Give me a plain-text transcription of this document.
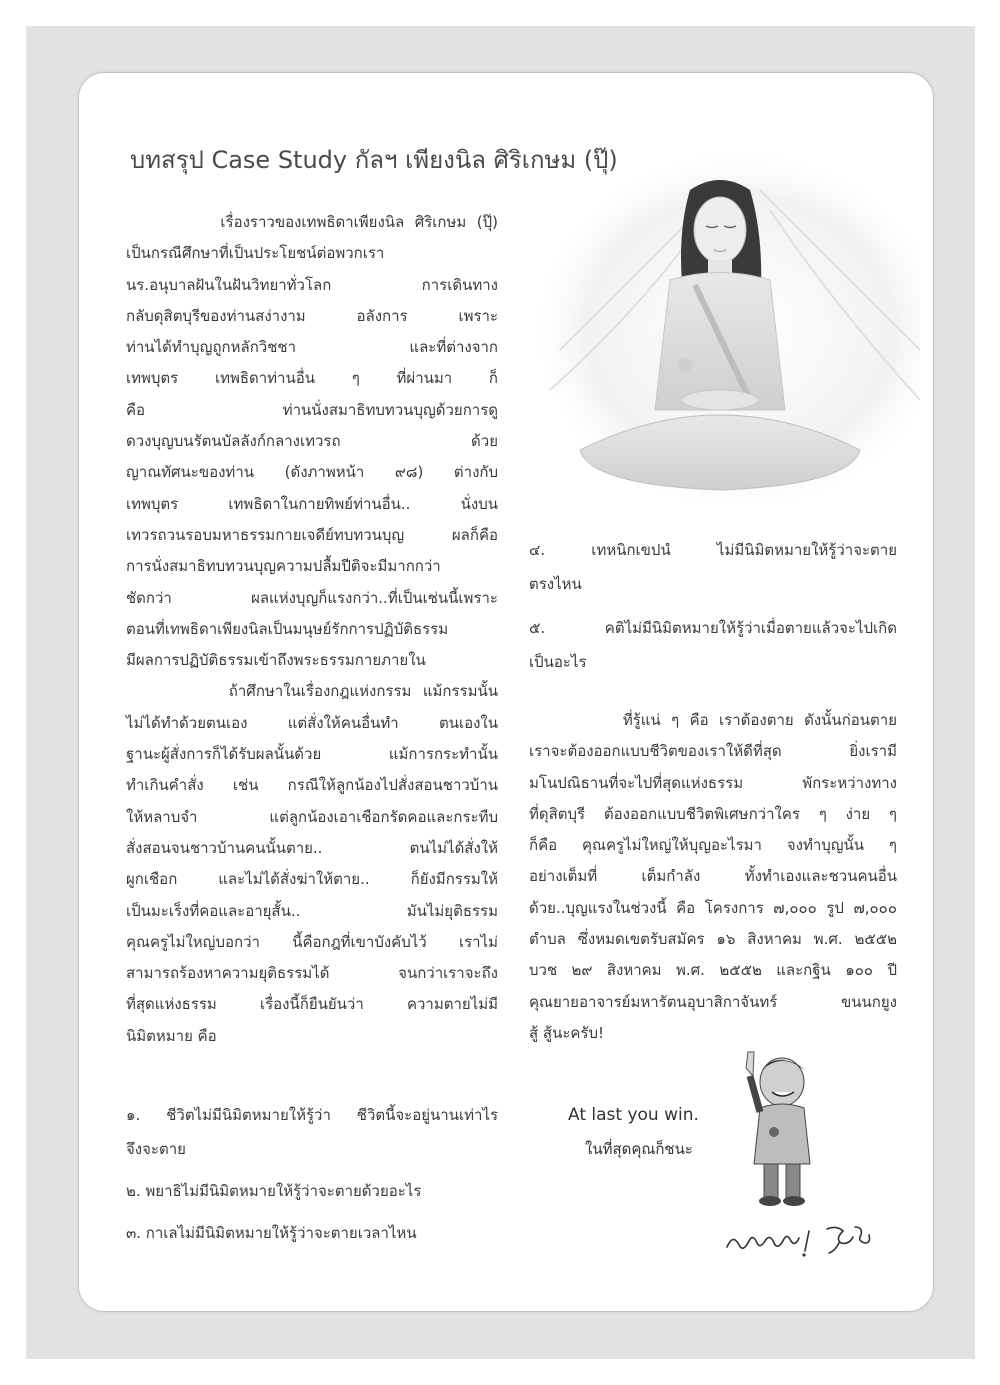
บทสรุป Case Study กัลฯ เพียงนิล ศิริเกษม (ปุ๊)

เรื่องราวของเทพธิดาเพียงนิล ศิริเกษม (ปุ๊)

เป็นกรณีศึกษาที่เป็นประโยชน์ต่อพวกเรา

นร.อนุบาลฝันในฝันวิทยาทั่วโลก การเดินทาง

กลับดุสิตบุรีของท่านสง่างาม อลังการ เพราะ

ท่านได้ทำบุญถูกหลักวิชชา และที่ต่างจาก

เทพบุตร เทพธิดาท่านอื่น ๆ ที่ผ่านมา ก็

คือ ท่านนั่งสมาธิทบทวนบุญด้วยการดู

ดวงบุญบนรัตนบัลลังก์กลางเทวรถ ด้วย

ญาณทัศนะของท่าน (ดังภาพหน้า ๙๘) ต่างกับ

เทพบุตร เทพธิดาในกายทิพย์ท่านอื่น.. นั่งบน

เทวรถวนรอบมหาธรรมกายเจดีย์ทบทวนบุญ ผลก็คือ

การนั่งสมาธิทบทวนบุญความปลื้มปีติจะมีมากกว่า

ชัดกว่า ผลแห่งบุญก็แรงกว่า..ที่เป็นเช่นนี้เพราะ

ตอนที่เทพธิดาเพียงนิลเป็นมนุษย์รักการปฏิบัติธรรม

มีผลการปฏิบัติธรรมเข้าถึงพระธรรมกายภายใน

ถ้าศึกษาในเรื่องกฎแห่งกรรม แม้กรรมนั้น

ไม่ได้ทำด้วยตนเอง แต่สั่งให้คนอื่นทำ ตนเองใน

ฐานะผู้สั่งการก็ได้รับผลนั้นด้วย แม้การกระทำนั้น

ทำเกินคำสั่ง เช่น กรณีให้ลูกน้องไปสั่งสอนชาวบ้าน

ให้หลาบจำ แต่ลูกน้องเอาเชือกรัดคอและกระทืบ

สั่งสอนจนชาวบ้านคนนั้นตาย.. ตนไม่ได้สั่งให้

ผูกเชือก และไม่ได้สั่งฆ่าให้ตาย.. ก็ยังมีกรรมให้

เป็นมะเร็งที่คอและอายุสั้น.. มันไม่ยุติธรรม

คุณครูไม่ใหญ่บอกว่า นี้คือกฎที่เขาบังคับไว้ เราไม่

สามารถร้องหาความยุติธรรมได้ จนกว่าเราจะถึง

ที่สุดแห่งธรรม เรื่องนี้ก็ยืนยันว่า ความตายไม่มี

นิมิตหมาย คือ

๑. ชีวิตไม่มีนิมิตหมายให้รู้ว่า ชีวิตนี้จะอยู่นานเท่าไร

จึงจะตาย

๒. พยาธิไม่มีนิมิตหมายให้รู้ว่าจะตายด้วยอะไร

๓. กาเลไม่มีนิมิตหมายให้รู้ว่าจะตายเวลาไหน

๔. เทหนิกเขปนํ ไม่มีนิมิตหมายให้รู้ว่าจะตาย

ตรงไหน

๕. คติไม่มีนิมิตหมายให้รู้ว่าเมื่อตายแล้วจะไปเกิด

เป็นอะไร

ที่รู้แน่ ๆ คือ เราต้องตาย ดังนั้นก่อนตาย

เราจะต้องออกแบบชีวิตของเราให้ดีที่สุด ยิ่งเรามี

มโนปณิธานที่จะไปที่สุดแห่งธรรม พักระหว่างทาง

ที่ดุสิตบุรี ต้องออกแบบชีวิตพิเศษกว่าใคร ๆ ง่าย ๆ

ก็คือ คุณครูไม่ใหญ่ให้บุญอะไรมา จงทำบุญนั้น ๆ

อย่างเต็มที่ เต็มกำลัง ทั้งทำเองและชวนคนอื่น

ด้วย..บุญแรงในช่วงนี้ คือ โครงการ ๗,๐๐๐ รูป ๗,๐๐๐

ตำบล ซึ่งหมดเขตรับสมัคร ๑๖ สิงหาคม พ.ศ. ๒๕๕๒

บวช ๒๙ สิงหาคม พ.ศ. ๒๕๕๒ และกฐิน ๑๐๐ ปี

คุณยายอาจารย์มหารัตนอุบาสิกาจันทร์ ขนนกยูง

สู้ สู้นะครับ!

At last you win.
ในที่สุดคุณก็ชนะ
